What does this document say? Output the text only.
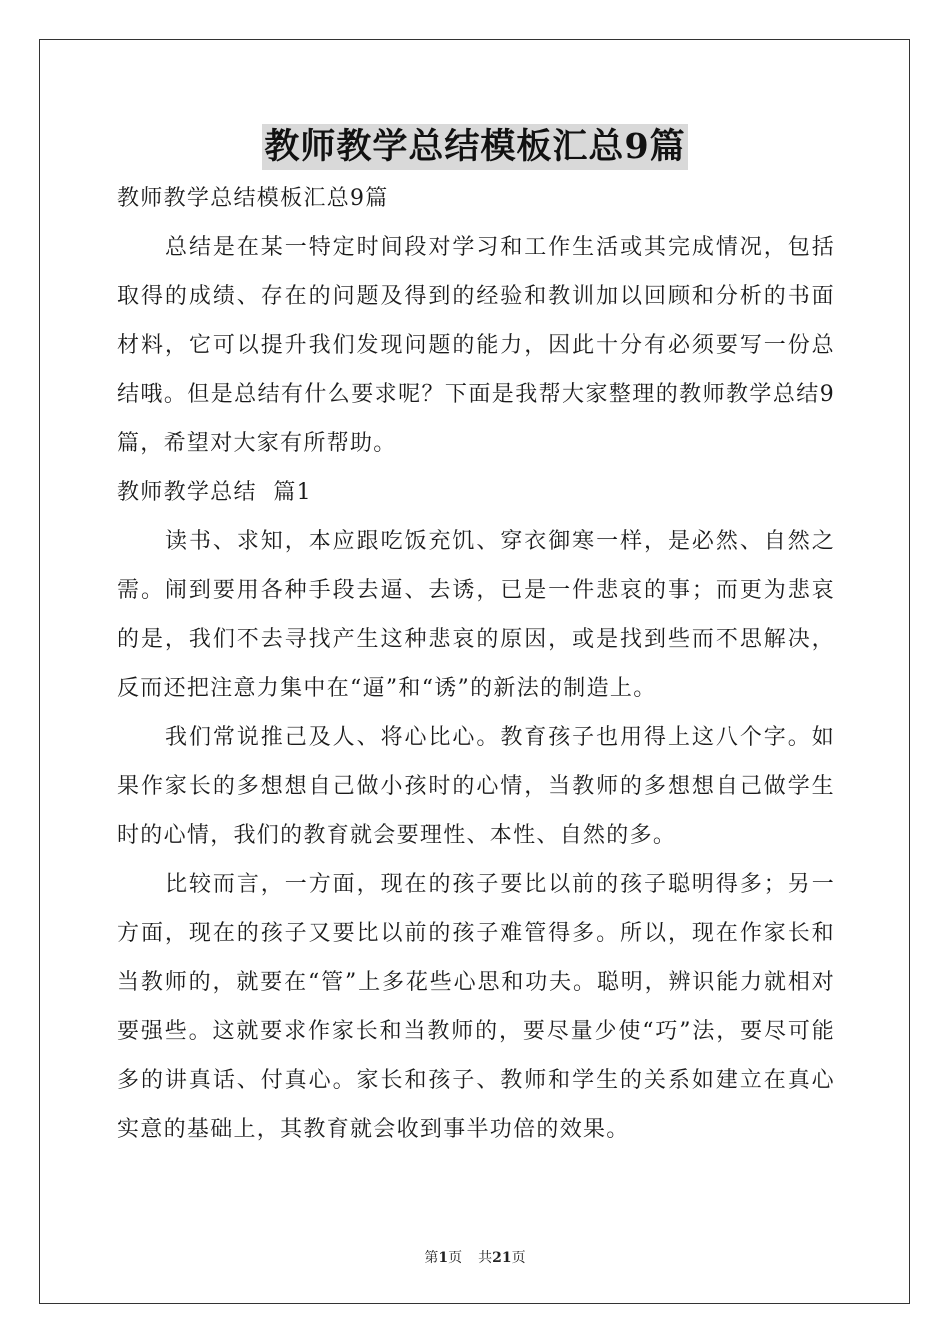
教师教学总结模板汇总9篇

教师教学总结模板汇总9篇

总结是在某一特定时间段对学习和工作生活或其完成情况，包括取得的成绩、存在的问题及得到的经验和教训加以回顾和分析的书面材料，它可以提升我们发现问题的能力，因此十分有必须要写一份总结哦。但是总结有什么要求呢？下面是我帮大家整理的教师教学总结9篇，希望对大家有所帮助。

教师教学总结  篇1

读书、求知，本应跟吃饭充饥、穿衣御寒一样，是必然、自然之需。闹到要用各种手段去逼、去诱，已是一件悲哀的事；而更为悲哀的是，我们不去寻找产生这种悲哀的原因，或是找到些而不思解决，反而还把注意力集中在“逼”和“诱”的新法的制造上。

我们常说推己及人、将心比心。教育孩子也用得上这八个字。如果作家长的多想想自己做小孩时的心情，当教师的多想想自己做学生时的心情，我们的教育就会要理性、本性、自然的多。

比较而言，一方面，现在的孩子要比以前的孩子聪明得多；另一方面，现在的孩子又要比以前的孩子难管得多。所以，现在作家长和当教师的，就要在“管”上多花些心思和功夫。聪明，辨识能力就相对要强些。这就要求作家长和当教师的，要尽量少使“巧”法，要尽可能多的讲真话、付真心。家长和孩子、教师和学生的关系如建立在真心实意的基础上，其教育就会收到事半功倍的效果。

第1页 共21页
